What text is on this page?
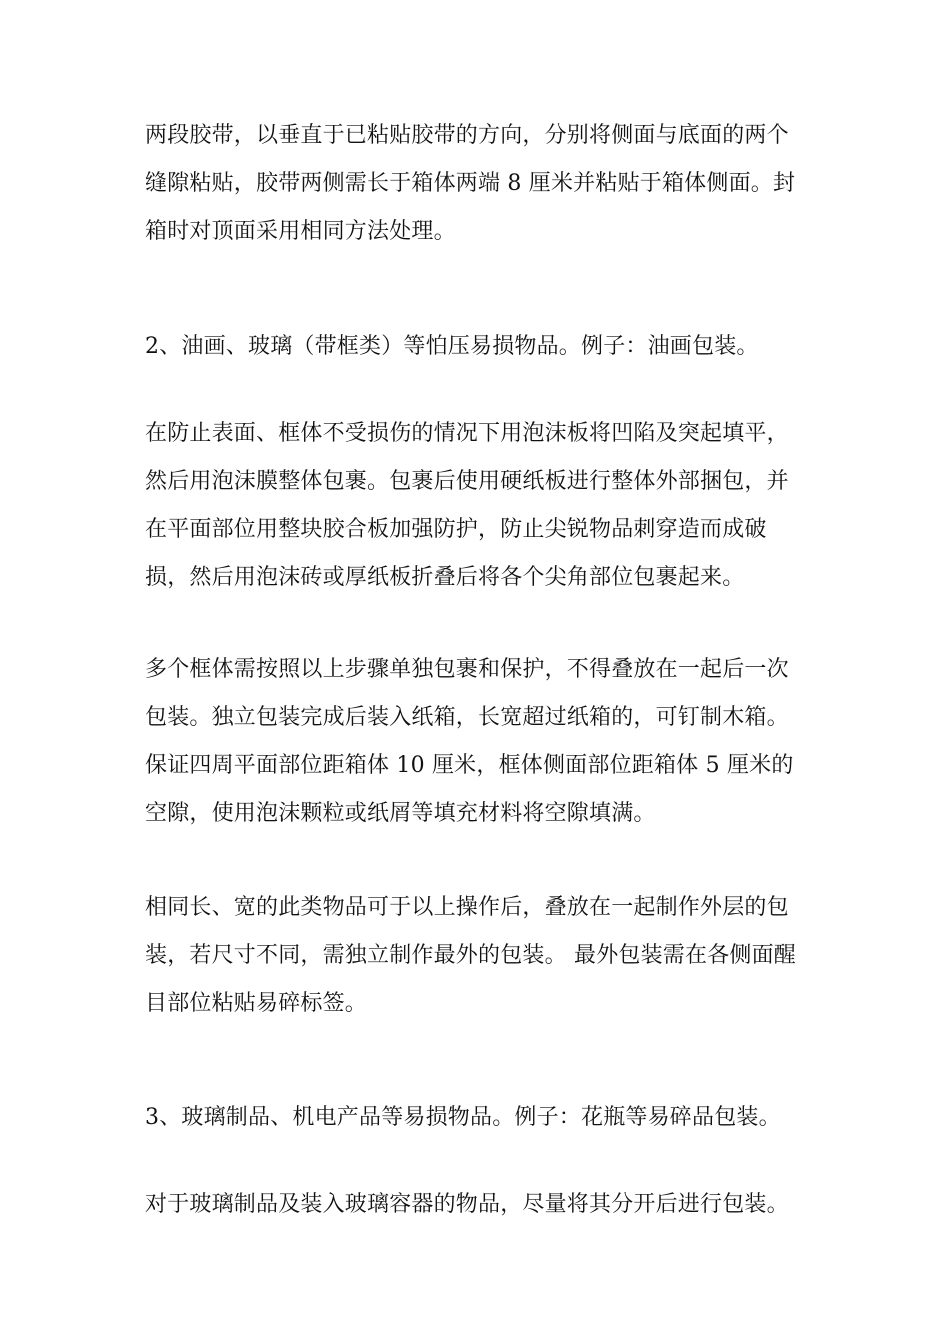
两段胶带，以垂直于已粘贴胶带的方向，分别将侧面与底面的两个缝隙粘贴，胶带两侧需长于箱体两端 8 厘米并粘贴于箱体侧面。封箱时对顶面采用相同方法处理。

2、油画、玻璃（带框类）等怕压易损物品。例子：油画包装。

在防止表面、框体不受损伤的情况下用泡沫板将凹陷及突起填平，然后用泡沫膜整体包裹。包裹后使用硬纸板进行整体外部捆包，并在平面部位用整块胶合板加强防护，防止尖锐物品刺穿造而成破损，然后用泡沫砖或厚纸板折叠后将各个尖角部位包裹起来。

多个框体需按照以上步骤单独包裹和保护，不得叠放在一起后一次包装。独立包装完成后装入纸箱，长宽超过纸箱的，可钉制木箱。保证四周平面部位距箱体 10 厘米，框体侧面部位距箱体 5 厘米的空隙，使用泡沫颗粒或纸屑等填充材料将空隙填满。

相同长、宽的此类物品可于以上操作后，叠放在一起制作外层的包装，若尺寸不同，需独立制作最外的包装。 最外包装需在各侧面醒目部位粘贴易碎标签。

3、玻璃制品、机电产品等易损物品。例子：花瓶等易碎品包装。

对于玻璃制品及装入玻璃容器的物品，尽量将其分开后进行包装。
